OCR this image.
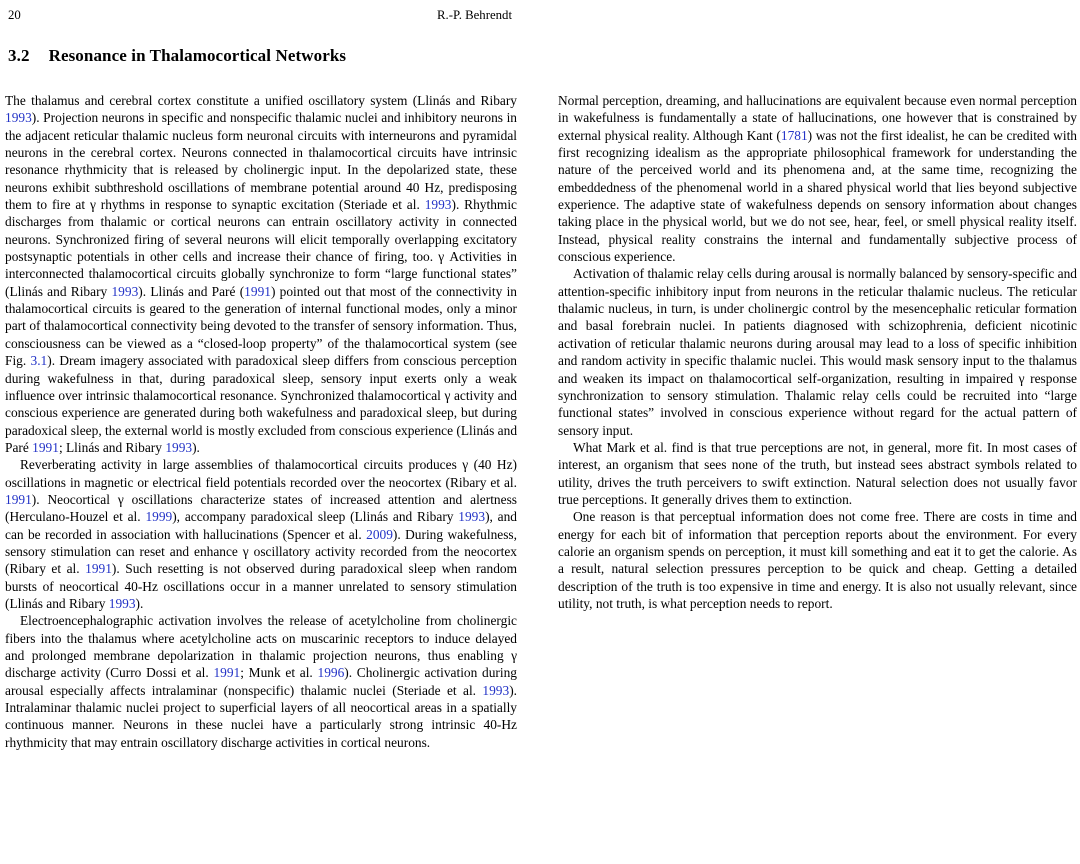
20	R.-P. Behrendt
3.2 Resonance in Thalamocortical Networks

The thalamus and cerebral cortex constitute a unified oscillatory system (Llinás and Ribary 1993). Projection neurons in specific and nonspecific thalamic nuclei and inhibitory neurons in the adjacent reticular thalamic nucleus form neuronal circuits with interneurons and pyramidal neurons in the cerebral cortex. Neurons connected in thalamocortical circuits have intrinsic resonance rhythmicity that is released by cholinergic input. In the depolarized state, these neurons exhibit subthreshold oscillations of membrane potential around 40 Hz, predisposing them to fire at γ rhythms in response to synaptic excitation (Steriade et al. 1993). Rhythmic discharges from thalamic or cortical neurons can entrain oscillatory activity in connected neurons. Synchronized firing of several neurons will elicit temporally overlapping excitatory postsynaptic potentials in other cells and increase their chance of firing, too. γ Activities in interconnected thalamocortical circuits globally synchronize to form “large functional states” (Llinás and Ribary 1993). Llinás and Paré (1991) pointed out that most of the connectivity in thalamocortical circuits is geared to the generation of internal functional modes, only a minor part of thalamocortical connectivity being devoted to the transfer of sensory information. Thus, consciousness can be viewed as a “closed-loop property” of the thalamocortical system (see Fig. 3.1). Dream imagery associated with paradoxical sleep differs from conscious perception during wakefulness in that, during paradoxical sleep, sensory input exerts only a weak influence over intrinsic thalamocortical resonance. Synchronized thalamocortical γ activity and conscious experience are generated during both wakefulness and paradoxical sleep, but during paradoxical sleep, the external world is mostly excluded from conscious experience (Llinás and Paré 1991; Llinás and Ribary 1993).

Reverberating activity in large assemblies of thalamocortical circuits produces γ (40 Hz) oscillations in magnetic or electrical field potentials recorded over the neocortex (Ribary et al. 1991). Neocortical γ oscillations characterize states of increased attention and alertness (Herculano-Houzel et al. 1999), accompany paradoxical sleep (Llinás and Ribary 1993), and can be recorded in association with hallucinations (Spencer et al. 2009). During wakefulness, sensory stimulation can reset and enhance γ oscillatory activity recorded from the neocortex (Ribary et al. 1991). Such resetting is not observed during paradoxical sleep when random bursts of neocortical 40-Hz oscillations occur in a manner unrelated to sensory stimulation (Llinás and Ribary 1993).

Electroencephalographic activation involves the release of acetylcholine from cholinergic fibers into the thalamus where acetylcholine acts on muscarinic receptors to induce delayed and prolonged membrane depolarization in thalamic projection neurons, thus enabling γ discharge activity (Curro Dossi et al. 1991; Munk et al. 1996). Cholinergic activation during arousal especially affects intralaminar (nonspecific) thalamic nuclei (Steriade et al. 1993). Intralaminar thalamic nuclei project to superficial layers of all neocortical areas in a spatially continuous manner. Neurons in these nuclei have a particularly strong intrinsic 40-Hz rhythmicity that may entrain oscillatory discharge activities in cortical neurons.

Normal perception, dreaming, and hallucinations are equivalent because even normal perception in wakefulness is fundamentally a state of hallucinations, one however that is constrained by external physical reality. Although Kant (1781) was not the first idealist, he can be credited with first recognizing idealism as the appropriate philosophical framework for understanding the nature of the perceived world and its phenomena and, at the same time, recognizing the embeddedness of the phenomenal world in a shared physical world that lies beyond subjective experience. The adaptive state of wakefulness depends on sensory information about changes taking place in the physical world, but we do not see, hear, feel, or smell physical reality itself. Instead, physical reality constrains the internal and fundamentally subjective process of conscious experience.

Activation of thalamic relay cells during arousal is normally balanced by sensory-specific and attention-specific inhibitory input from neurons in the reticular thalamic nucleus. The reticular thalamic nucleus, in turn, is under cholinergic control by the mesencephalic reticular formation and basal forebrain nuclei. In patients diagnosed with schizophrenia, deficient nicotinic activation of reticular thalamic neurons during arousal may lead to a loss of specific inhibition and random activity in specific thalamic nuclei. This would mask sensory input to the thalamus and weaken its impact on thalamocortical self-organization, resulting in impaired γ response synchronization to sensory stimulation. Thalamic relay cells could be recruited into “large functional states” involved in conscious experience without regard for the actual pattern of sensory input.

What Mark et al. find is that true perceptions are not, in general, more fit. In most cases of interest, an organism that sees none of the truth, but instead sees abstract symbols related to utility, drives the truth perceivers to swift extinction. Natural selection does not usually favor true perceptions. It generally drives them to extinction.

One reason is that perceptual information does not come free. There are costs in time and energy for each bit of information that perception reports about the environment. For every calorie an organism spends on perception, it must kill something and eat it to get the calorie. As a result, natural selection pressures perception to be quick and cheap. Getting a detailed description of the truth is too expensive in time and energy. It is also not usually relevant, since utility, not truth, is what perception needs to report.
